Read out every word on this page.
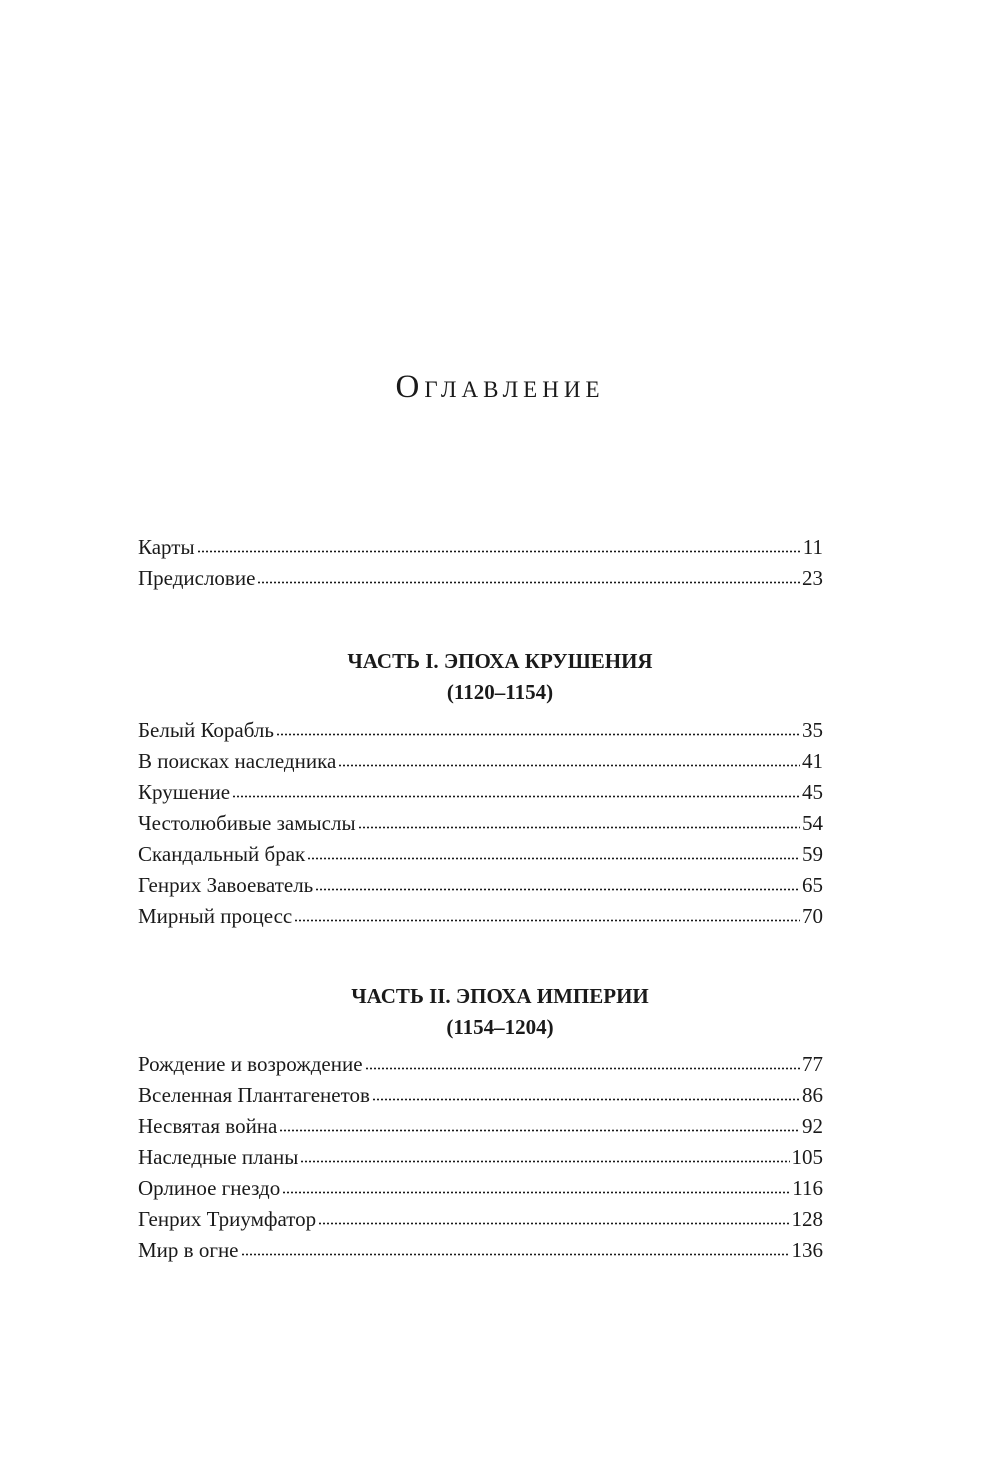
Оглавление
Карты	11
Предисловие	23
ЧАСТЬ I. ЭПОХА КРУШЕНИЯ
(1120–1154)
Белый Корабль	35
В поисках наследника	41
Крушение	45
Честолюбивые замыслы	54
Скандальный брак	59
Генрих Завоеватель	65
Мирный процесс	70
ЧАСТЬ II. ЭПОХА ИМПЕРИИ
(1154–1204)
Рождение и возрождение	77
Вселенная Плантагенетов	86
Несвятая война	92
Наследные планы	105
Орлиное гнездо	116
Генрих Триумфатор	128
Мир в огне	136
